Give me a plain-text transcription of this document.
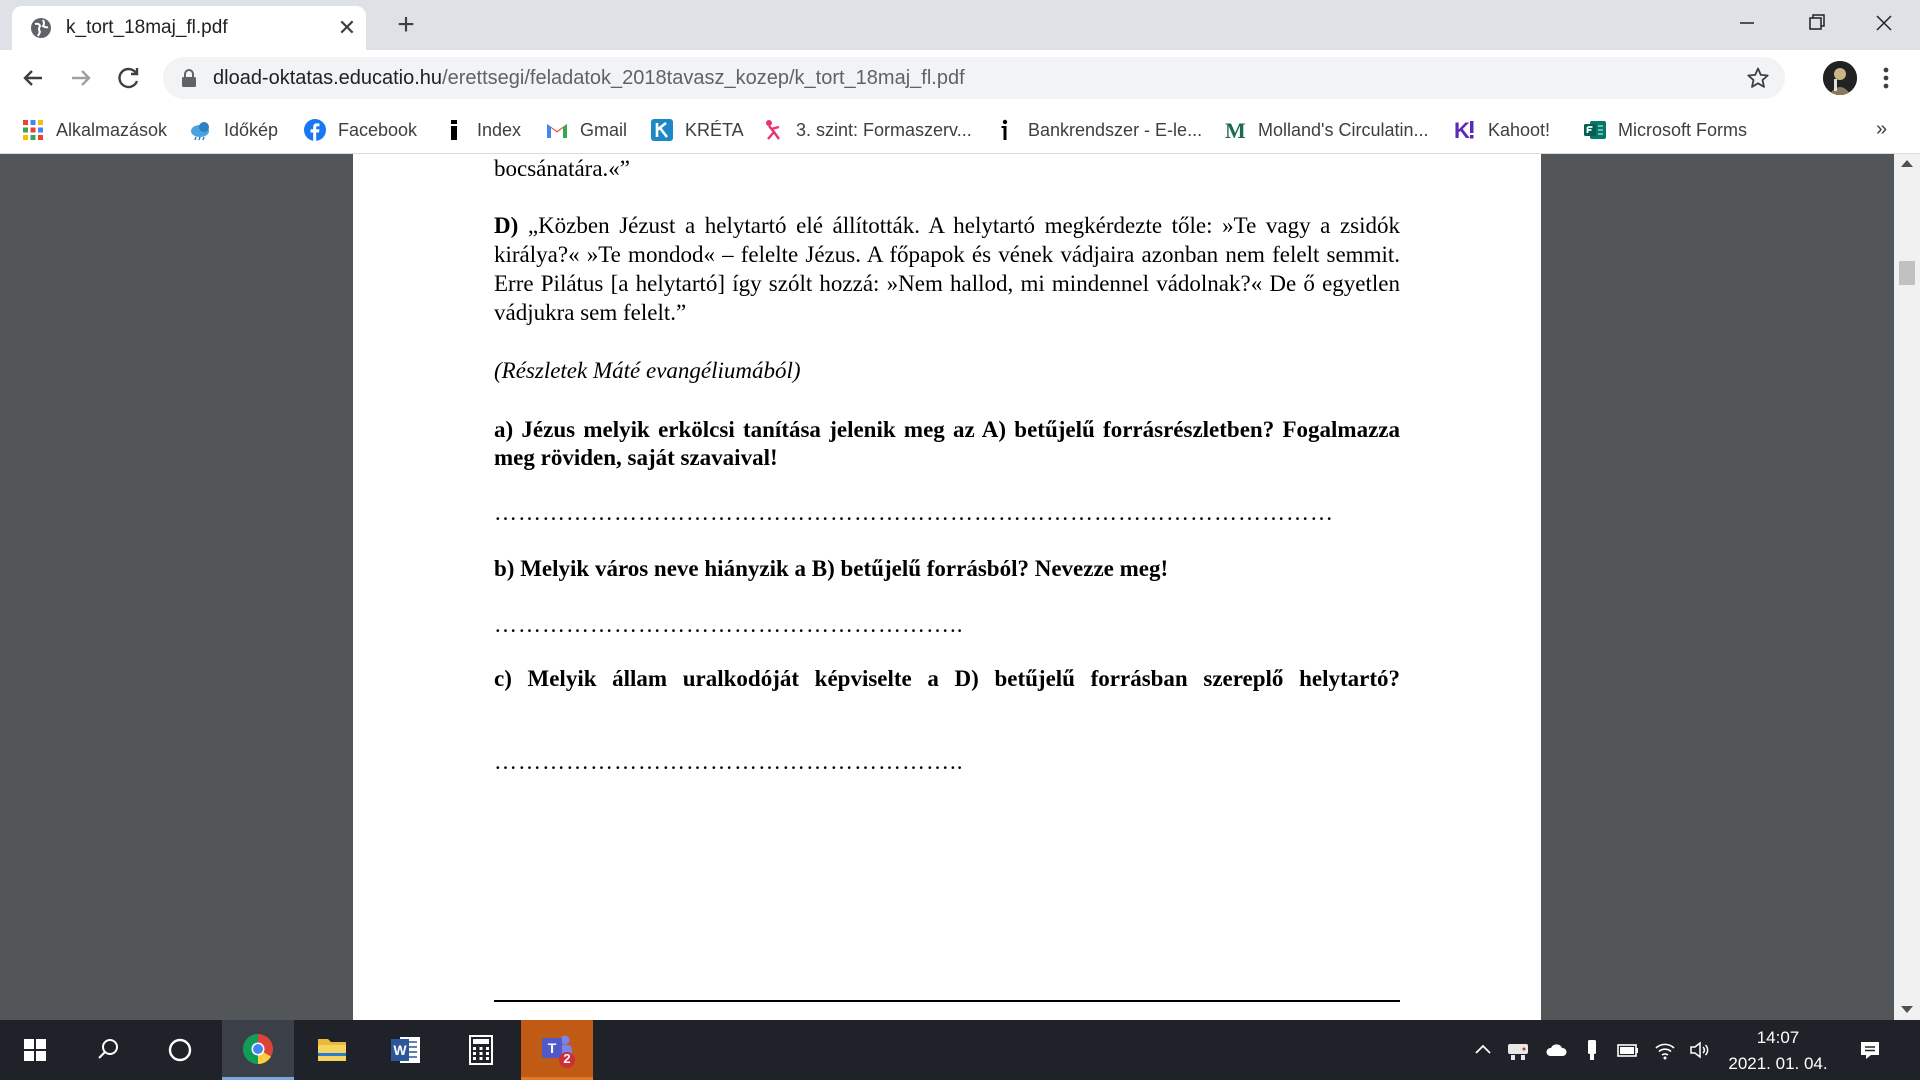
k_tort_18maj_fl.pdf	✕ +
dload-oktatas.educatio.hu/erettsegi/feladatok_2018tavasz_kozep/k_tort_18maj_fl.pdf
Alkalmazások	Időkép	Facebook	Index	Gmail	KRÉTA	3. szint: Formaszerv...	Bankrendszer - E-le... M Molland's Circulatin... K Kahoot!	Microsoft Forms	»
bocsánatára.«”
D) „Közben Jézust a helytartó elé állították. A helytartó megkérdezte tőle: »Te vagy a zsidók királya?« »Te mondod« – felelte Jézus. A főpapok és vének vádjaira azonban nem felelt semmit. Erre Pilátus [a helytartó] így szólt hozzá: »Nem hallod, mi mindennel vádolnak?« De ő egyetlen vádjukra sem felelt.”
(Részletek Máté evangéliumából)
a) Jézus melyik erkölcsi tanítása jelenik meg az A) betűjelű forrásrészletben? Fogalmazza meg röviden, saját szavaival!
……………………………………………………………………………………………
b) Melyik város neve hiányzik a B) betűjelű forrásból? Nevezze meg!
…………………………………………………..
c) Melyik állam uralkodóját képviselte a D) betűjelű forrásban szereplő helytartó?
…………………………………………………..
W	T
2
14:07
2021. 01. 04.
